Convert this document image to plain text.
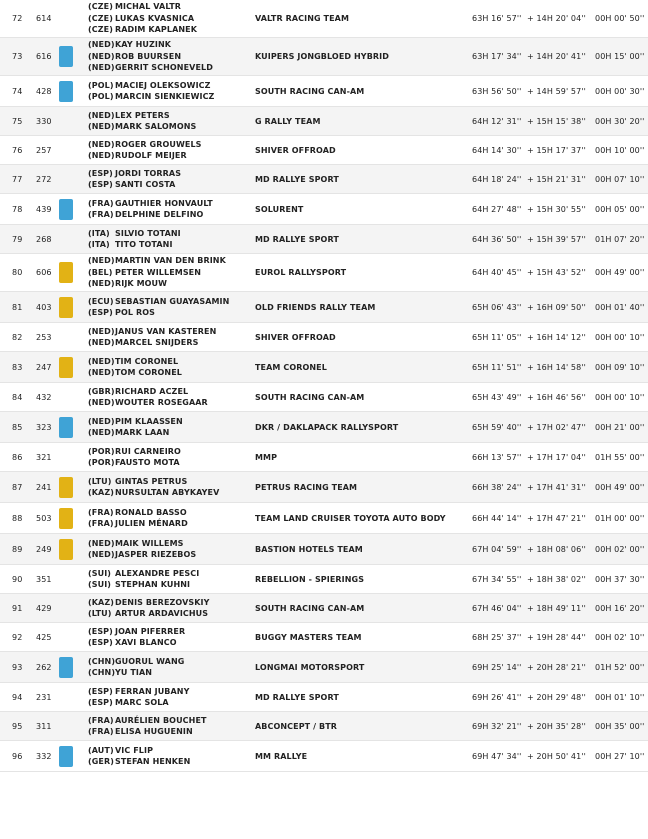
72	614
(CZE) MICHAL VALTR
(CZE) LUKAS KVASNICA
(CZE) RADIM KAPLANEK
VALTR RACING TEAM	63H 16' 57'' + 14H 20' 04'' 00H 00' 50''
73	616
(NED)KAY HUZINK
(NED)ROB BUURSEN
(NED)GERRIT SCHONEVELD
KUIPERS JONGBLOED HYBRID	63H 17' 34'' + 14H 20' 41'' 00H 15' 00''
74	428
(POL)MACIEJ OLEKSOWICZ
(POL)MARCIN SIENKIEWICZ
SOUTH RACING CAN-AM	63H 56' 50'' + 14H 59' 57'' 00H 00' 30''
75	330
(NED)LEX PETERS
(NED)MARK SALOMONS
G RALLY TEAM	64H 12' 31'' + 15H 15' 38'' 00H 30' 20''
76	257
(NED)ROGER GROUWELS
(NED)RUDOLF MEIJER
SHIVER OFFROAD	64H 14' 30'' + 15H 17' 37'' 00H 10' 00''
77	272
(ESP) JORDI TORRAS
(ESP) SANTI COSTA
MD RALLYE SPORT	64H 18' 24'' + 15H 21' 31'' 00H 07' 10''
78	439
(FRA)GAUTHIER HONVAULT
(FRA)DELPHINE DELFINO
SOLURENT	64H 27' 48'' + 15H 30' 55'' 00H 05' 00''
79	268
(ITA) SILVIO TOTANI
(ITA) TITO TOTANI
MD RALLYE SPORT	64H 36' 50'' + 15H 39' 57'' 01H 07' 20''
80	606
(NED)MARTIN VAN DEN BRINK
(BEL) PETER WILLEMSEN
(NED)RIJK MOUW
EUROL RALLYSPORT	64H 40' 45'' + 15H 43' 52'' 00H 49' 00''
81	403
(ECU)SEBASTIAN GUAYASAMIN
(ESP) POL ROS
OLD FRIENDS RALLY TEAM	65H 06' 43'' + 16H 09' 50'' 00H 01' 40''
82	253
(NED)JANUS VAN KASTEREN
(NED)MARCEL SNIJDERS
SHIVER OFFROAD	65H 11' 05'' + 16H 14' 12'' 00H 00' 10''
83	247
(NED)TIM CORONEL
(NED)TOM CORONEL
TEAM CORONEL	65H 11' 51'' + 16H 14' 58'' 00H 09' 10''
84	432
(GBR)RICHARD ACZEL
(NED)WOUTER ROSEGAAR
SOUTH RACING CAN-AM	65H 43' 49'' + 16H 46' 56'' 00H 00' 10''
85	323
(NED)PIM KLAASSEN
(NED)MARK LAAN
DKR / DAKLAPACK RALLYSPORT	65H 59' 40'' + 17H 02' 47'' 00H 21' 00''
86	321
(POR)RUI CARNEIRO
(POR)FAUSTO MOTA
MMP	66H 13' 57'' + 17H 17' 04'' 01H 55' 00''
87	241
(LTU) GINTAS PETRUS
(KAZ)NURSULTAN ABYKAYEV
PETRUS RACING TEAM	66H 38' 24'' + 17H 41' 31'' 00H 49' 00''
88	503
(FRA)RONALD BASSO
(FRA)JULIEN MÉNARD
TEAM LAND CRUISER TOYOTA AUTO BODY	66H 44' 14'' + 17H 47' 21'' 01H 00' 00''
89	249
(NED)MAIK WILLEMS
(NED)JASPER RIEZEBOS
BASTION HOTELS TEAM	67H 04' 59'' + 18H 08' 06'' 00H 02' 00''
90	351
(SUI) ALEXANDRE PESCI
(SUI) STEPHAN KUHNI
REBELLION - SPIERINGS	67H 34' 55'' + 18H 38' 02'' 00H 37' 30''
91	429
(KAZ)DENIS BEREZOVSKIY
(LTU) ARTUR ARDAVICHUS
SOUTH RACING CAN-AM	67H 46' 04'' + 18H 49' 11'' 00H 16' 20''
92	425
(ESP) JOAN PIFERRER
(ESP) XAVI BLANCO
BUGGY MASTERS TEAM	68H 25' 37'' + 19H 28' 44'' 00H 02' 10''
93	262
(CHN)GUORUL WANG
(CHN)YU TIAN
LONGMAI MOTORSPORT	69H 25' 14'' + 20H 28' 21'' 01H 52' 00''
94	231
(ESP) FERRAN JUBANY
(ESP) MARC SOLA
MD RALLYE SPORT	69H 26' 41'' + 20H 29' 48'' 00H 01' 10''
95	311
(FRA)AURÉLIEN BOUCHET
(FRA)ELISA HUGUENIN
ABCONCEPT / BTR	69H 32' 21'' + 20H 35' 28'' 00H 35' 00''
96	332
(AUT)VIC FLIP
(GER)STEFAN HENKEN
MM RALLYE	69H 47' 34'' + 20H 50' 41'' 00H 27' 10''
